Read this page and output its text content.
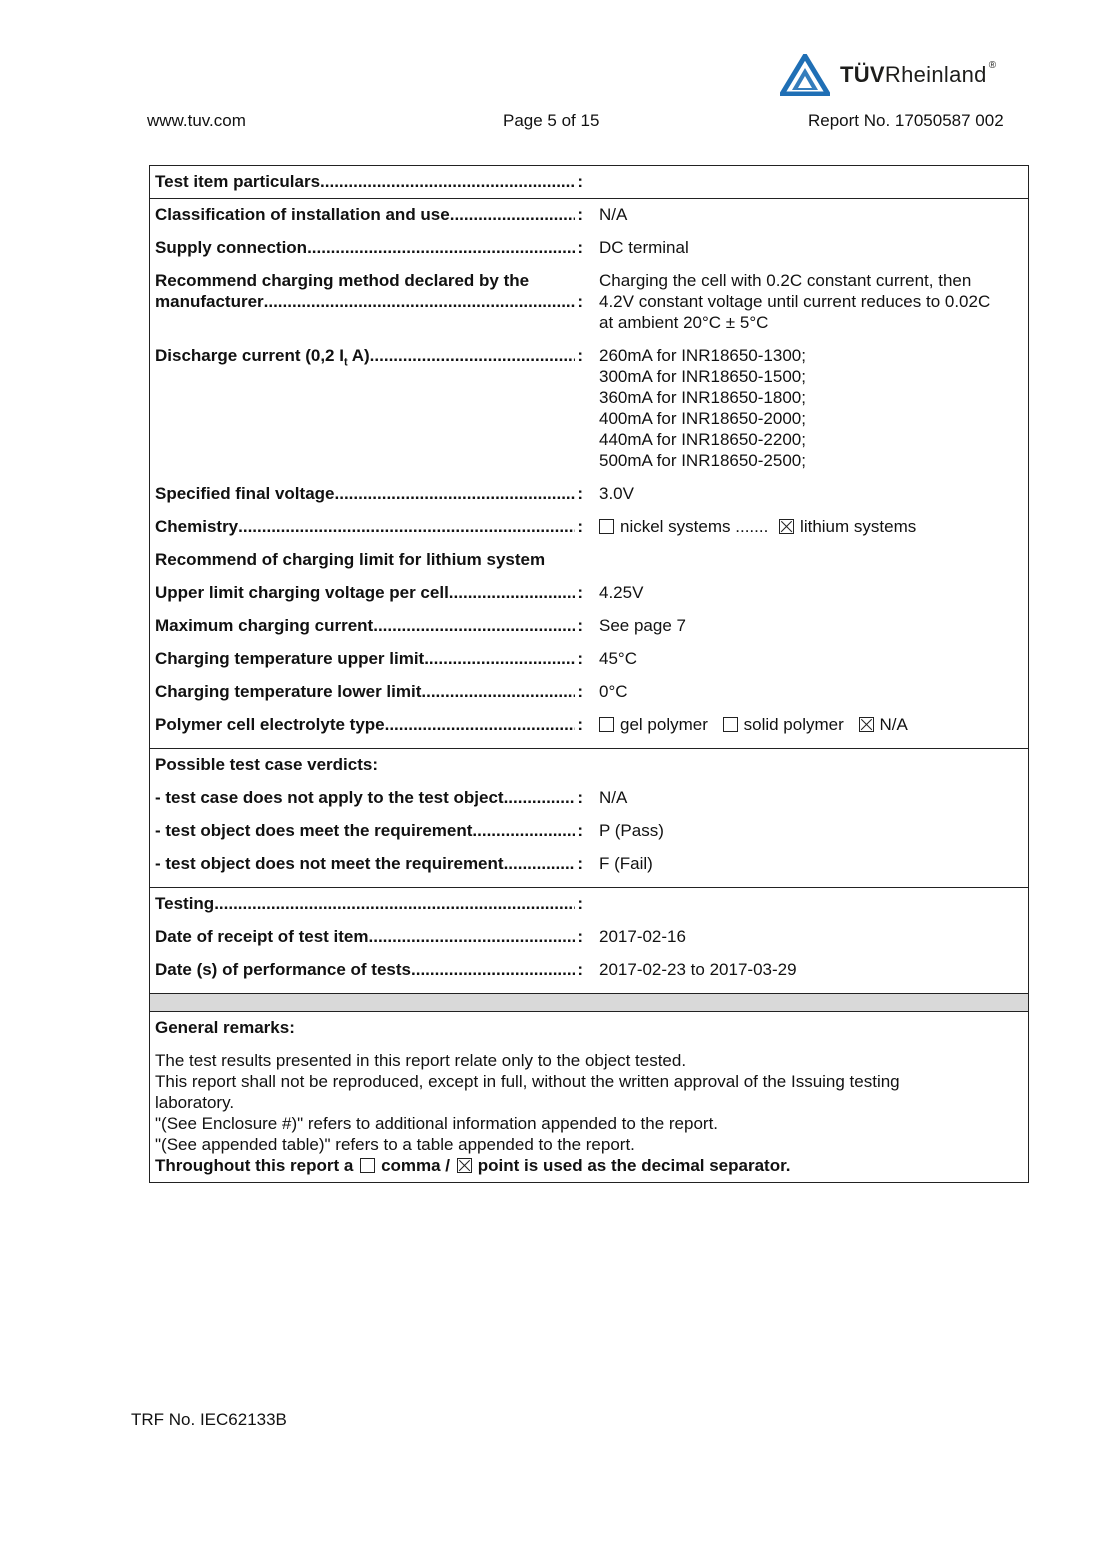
TÜVRheinland ®
www.tuv.com	Page 5 of 15	Report No. 17050587 002
Test item particulars .....	:
Classification of installation and use .....	: N/A
Supply connection .....	: DC terminal
Recommend charging method declared by the
manufacturer .....	:
Charging the cell with 0.2C constant current, then
4.2V constant voltage until current reduces to 0.02C
at ambient 20°C ± 5°C
Discharge current (0,2 $I_t$ A) .....	: 260mA for INR18650-1300;
300mA for INR18650-1500;
360mA for INR18650-1800;
400mA for INR18650-2000;
440mA for INR18650-2200;
500mA for INR18650-2500;
Specified final voltage .....	: 3.0V
Chemistry .....	:	nickel systems ....... lithium systems
Recommend of charging limit for lithium system
Upper limit charging voltage per cell .....	: 4.25V
Maximum charging current .....	: See page 7
Charging temperature upper limit .....	: 45°C
Charging temperature lower limit .....	: 0°C
Polymer cell electrolyte type .....	:	gel polymer solid polymer N/A
Possible test case verdicts:
- test case does not apply to the test object .....	: N/A
- test object does meet the requirement .....	: P (Pass)
- test object does not meet the requirement .....	: F (Fail)
Testing .....	:
Date of receipt of test item .....	: 2017-02-16
Date (s) of performance of tests .....	: 2017-02-23 to 2017-03-29
General remarks:
The test results presented in this report relate only to the object tested.
This report shall not be reproduced, except in full, without the written approval of the Issuing testing
laboratory.
"(See Enclosure #)" refers to additional information appended to the report.
"(See appended table)" refers to a table appended to the report.
Throughout this report a comma / point is used as the decimal separator.
TRF No. IEC62133B
